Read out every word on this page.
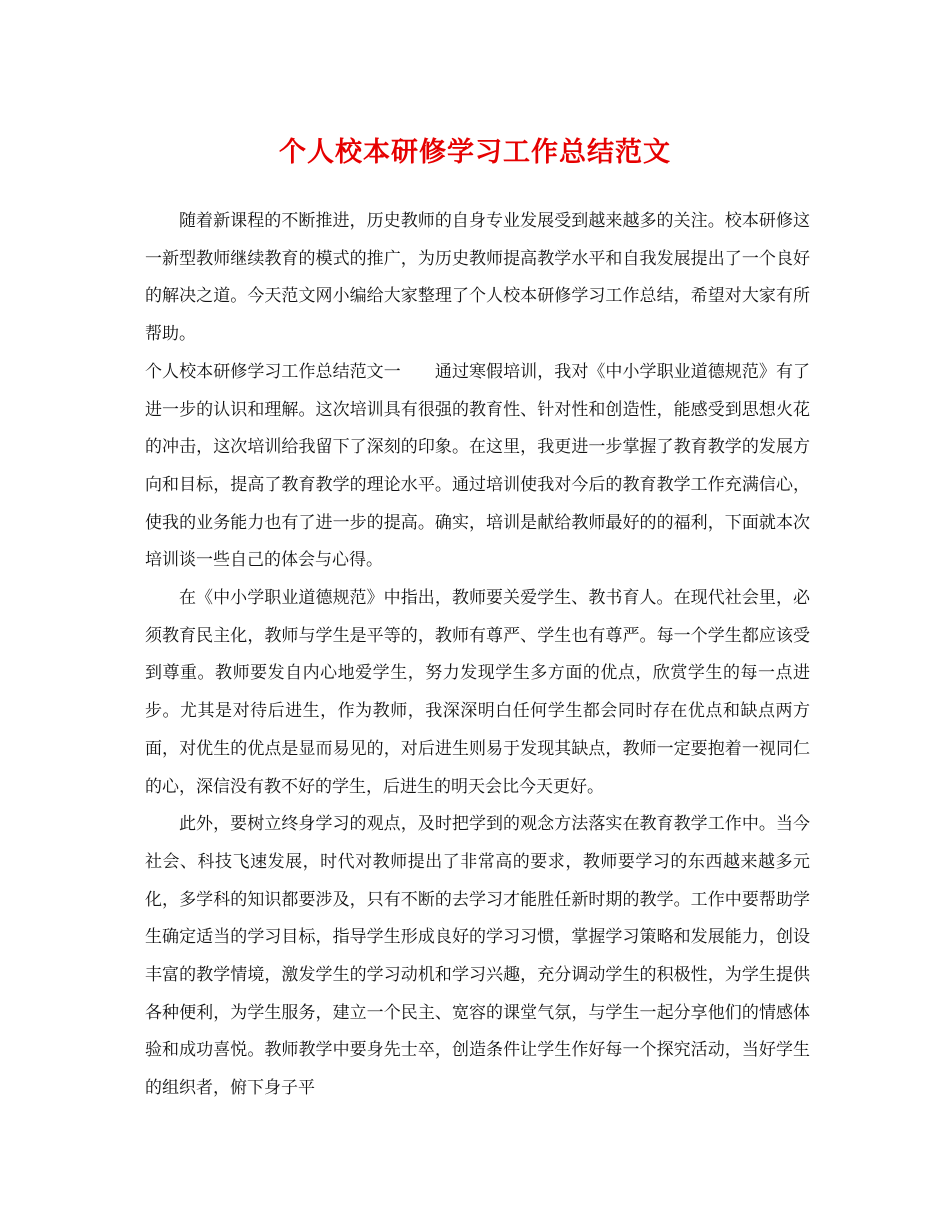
个人校本研修学习工作总结范文

随着新课程的不断推进，历史教师的自身专业发展受到越来越多的关注。校本研修这一新型教师继续教育的模式的推广，为历史教师提高教学水平和自我发展提出了一个良好的解决之道。今天范文网小编给大家整理了个人校本研修学习工作总结，希望对大家有所帮助。

个人校本研修学习工作总结范文一　　通过寒假培训，我对《中小学职业道德规范》有了进一步的认识和理解。这次培训具有很强的教育性、针对性和创造性，能感受到思想火花的冲击，这次培训给我留下了深刻的印象。在这里，我更进一步掌握了教育教学的发展方向和目标，提高了教育教学的理论水平。通过培训使我对今后的教育教学工作充满信心，使我的业务能力也有了进一步的提高。确实，培训是献给教师最好的的福利，下面就本次培训谈一些自己的体会与心得。

在《中小学职业道德规范》中指出，教师要关爱学生、教书育人。在现代社会里，必须教育民主化，教师与学生是平等的，教师有尊严、学生也有尊严。每一个学生都应该受到尊重。教师要发自内心地爱学生，努力发现学生多方面的优点，欣赏学生的每一点进步。尤其是对待后进生，作为教师，我深深明白任何学生都会同时存在优点和缺点两方面，对优生的优点是显而易见的，对后进生则易于发现其缺点，教师一定要抱着一视同仁的心，深信没有教不好的学生，后进生的明天会比今天更好。

此外，要树立终身学习的观点，及时把学到的观念方法落实在教育教学工作中。当今社会、科技飞速发展，时代对教师提出了非常高的要求，教师要学习的东西越来越多元化，多学科的知识都要涉及，只有不断的去学习才能胜任新时期的教学。工作中要帮助学生确定适当的学习目标，指导学生形成良好的学习习惯，掌握学习策略和发展能力，创设丰富的教学情境，激发学生的学习动机和学习兴趣，充分调动学生的积极性，为学生提供各种便利，为学生服务，建立一个民主、宽容的课堂气氛，与学生一起分享他们的情感体验和成功喜悦。教师教学中要身先士卒，创造条件让学生作好每一个探究活动，当好学生的组织者，俯下身子平
